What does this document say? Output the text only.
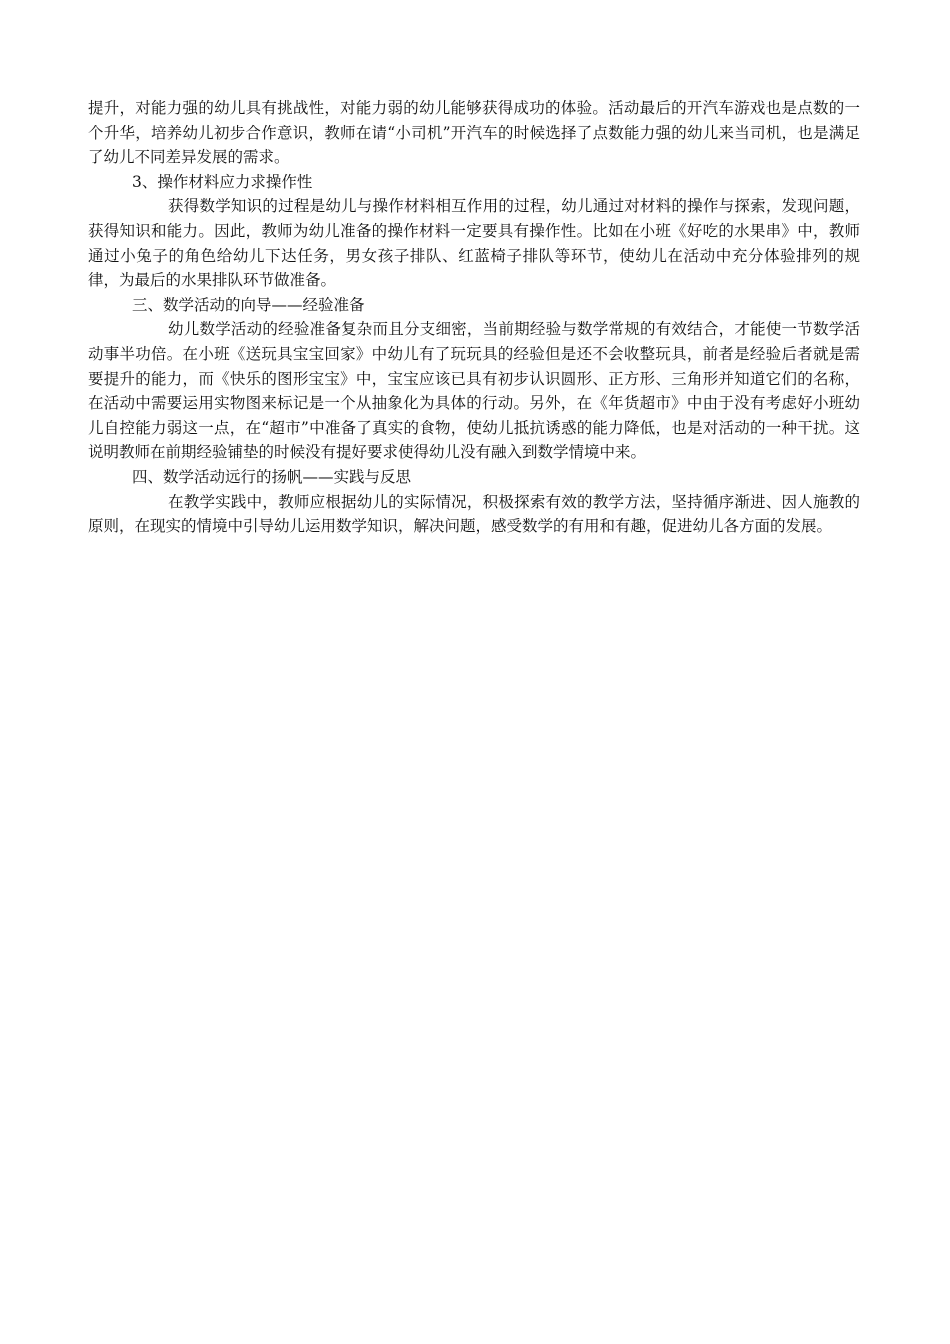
提升，对能力强的幼儿具有挑战性，对能力弱的幼儿能够获得成功的体验。活动最后的开汽车游戏也是点数的一个升华，培养幼儿初步合作意识，教师在请“小司机”开汽车的时候选择了点数能力强的幼儿来当司机，也是满足了幼儿不同差异发展的需求。

3、操作材料应力求操作性

获得数学知识的过程是幼儿与操作材料相互作用的过程，幼儿通过对材料的操作与探索，发现问题，获得知识和能力。因此，教师为幼儿准备的操作材料一定要具有操作性。比如在小班《好吃的水果串》中，教师通过小兔子的角色给幼儿下达任务，男女孩子排队、红蓝椅子排队等环节，使幼儿在活动中充分体验排列的规律，为最后的水果排队环节做准备。

三、数学活动的向导——经验准备

幼儿数学活动的经验准备复杂而且分支细密，当前期经验与数学常规的有效结合，才能使一节数学活动事半功倍。在小班《送玩具宝宝回家》中幼儿有了玩玩具的经验但是还不会收整玩具，前者是经验后者就是需要提升的能力，而《快乐的图形宝宝》中，宝宝应该已具有初步认识圆形、正方形、三角形并知道它们的名称，在活动中需要运用实物图来标记是一个从抽象化为具体的行动。另外，在《年货超市》中由于没有考虑好小班幼儿自控能力弱这一点，在“超市”中准备了真实的食物，使幼儿抵抗诱惑的能力降低，也是对活动的一种干扰。这说明教师在前期经验铺垫的时候没有提好要求使得幼儿没有融入到数学情境中来。

四、数学活动远行的扬帆——实践与反思

在教学实践中，教师应根据幼儿的实际情况，积极探索有效的教学方法，坚持循序渐进、因人施教的原则，在现实的情境中引导幼儿运用数学知识，解决问题，感受数学的有用和有趣，促进幼儿各方面的发展。
